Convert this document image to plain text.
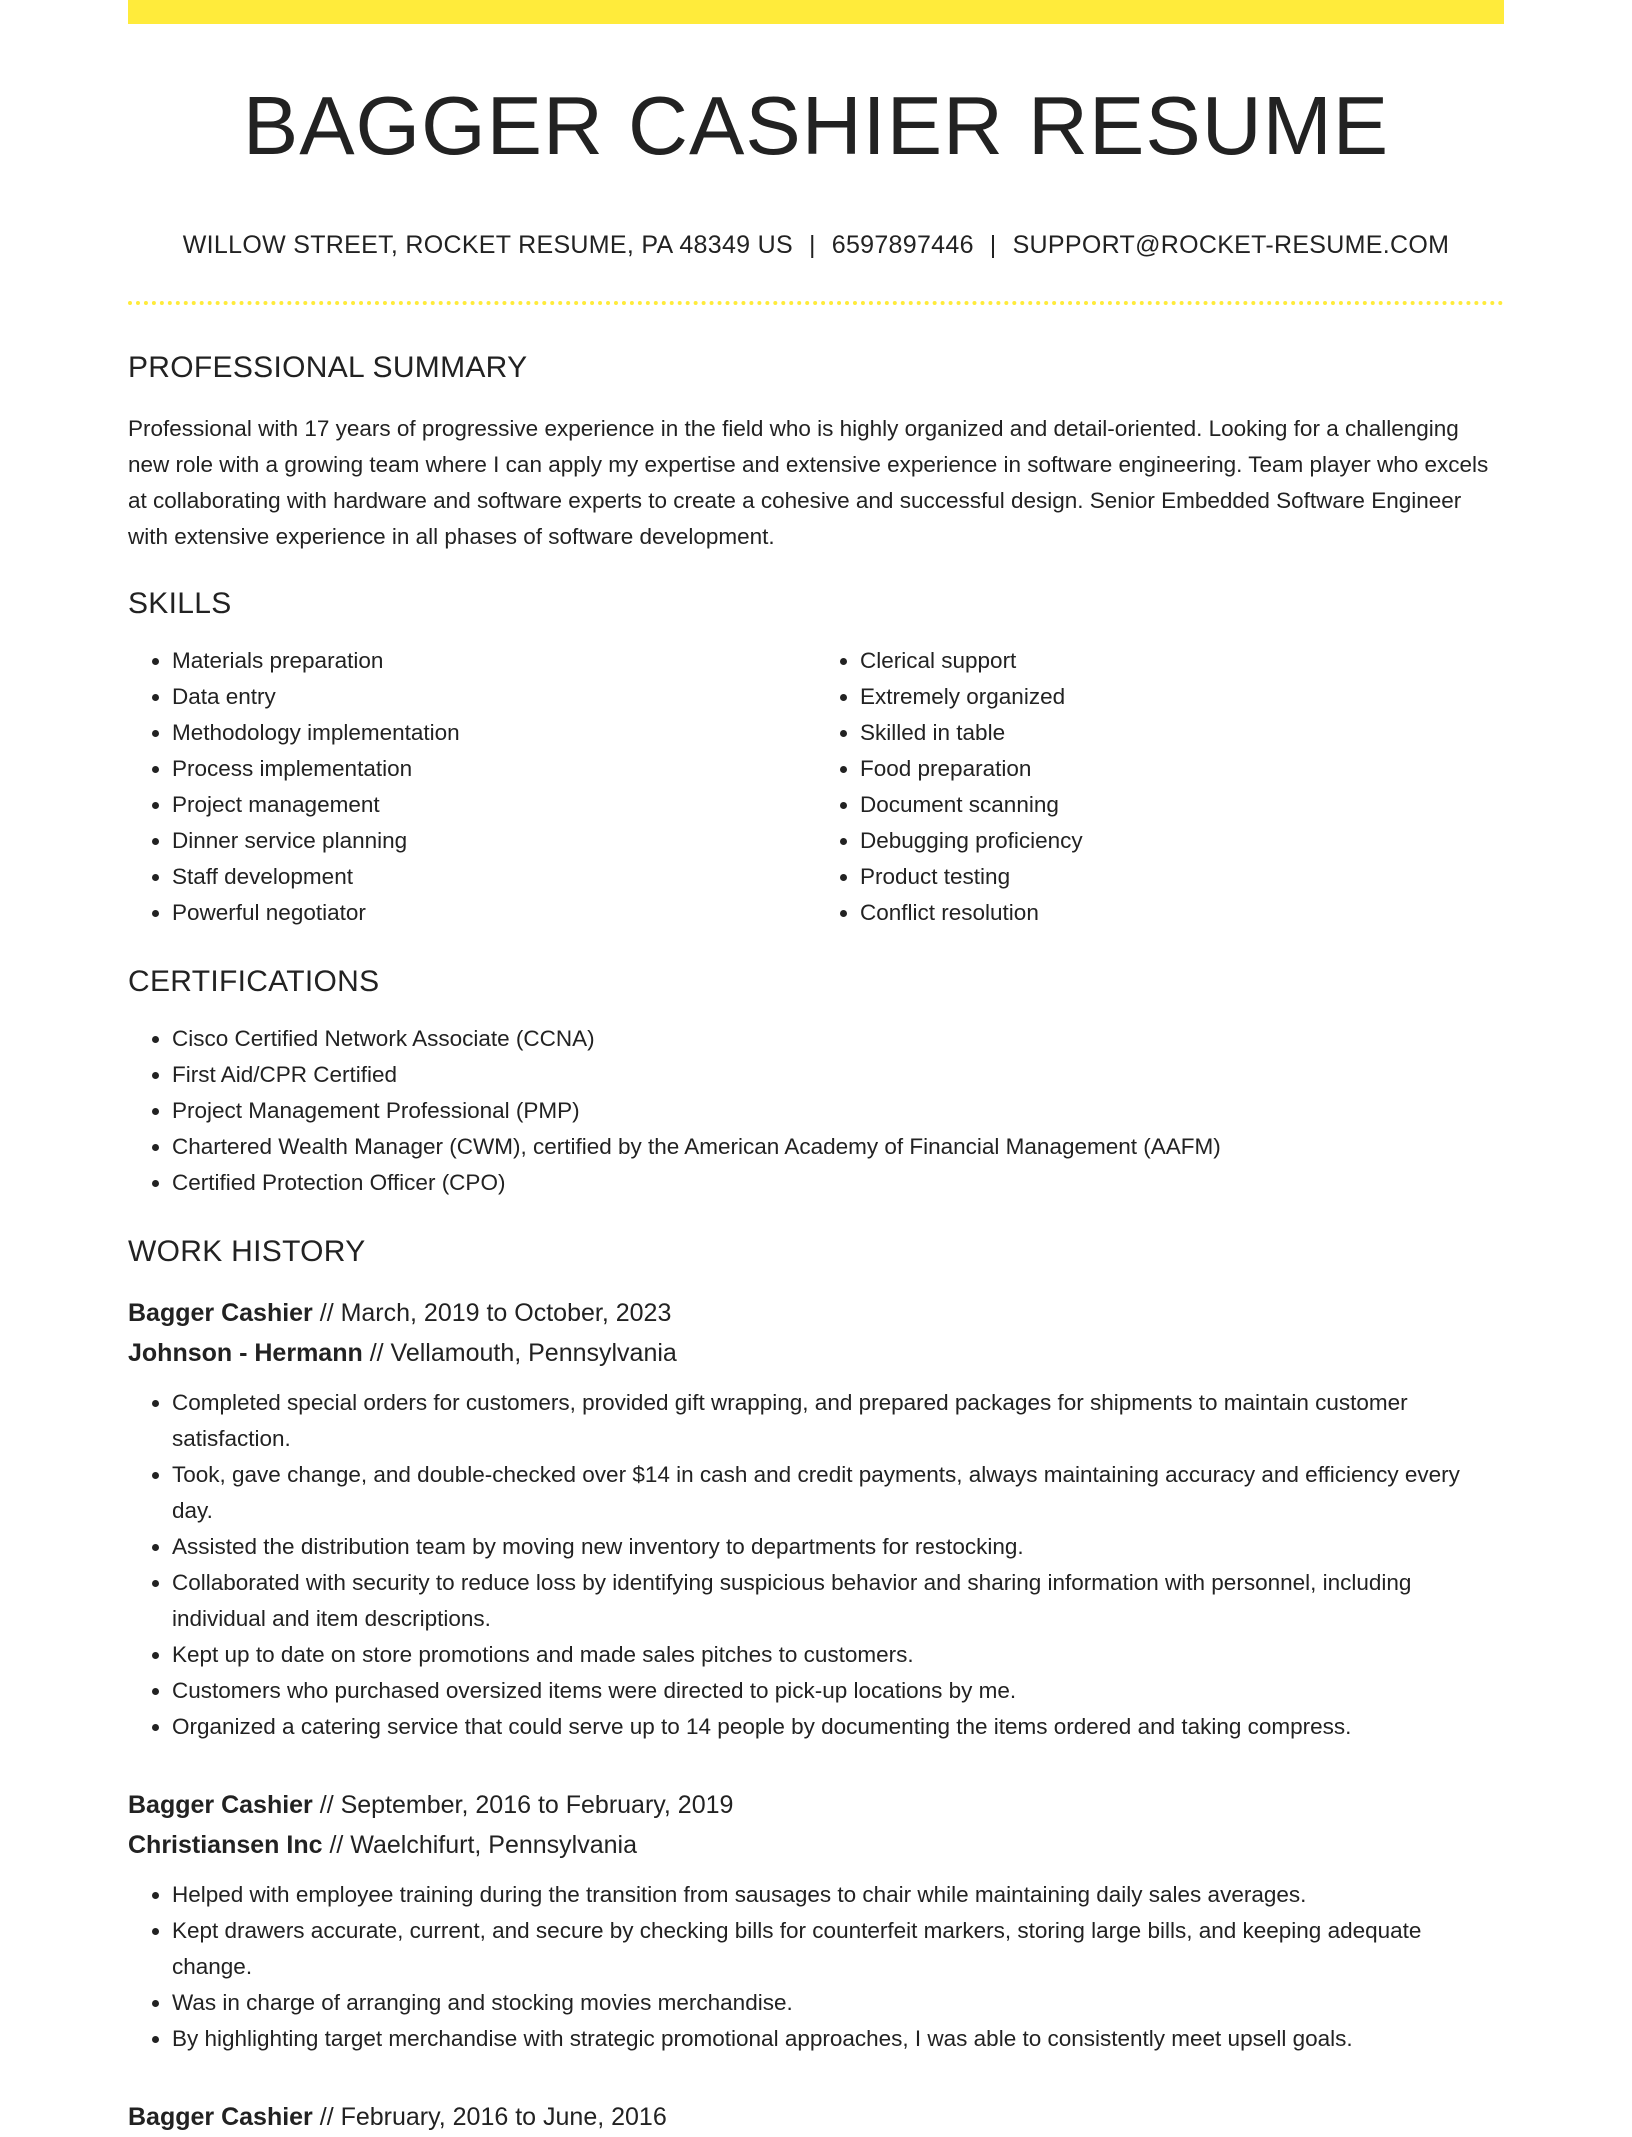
BAGGER CASHIER RESUME
WILLOW STREET, ROCKET RESUME, PA 48349 US | 6597897446 | SUPPORT@ROCKET-RESUME.COM
PROFESSIONAL SUMMARY

Professional with 17 years of progressive experience in the field who is highly organized and detail-oriented. Looking for a challenging new role with a growing team where I can apply my expertise and extensive experience in software engineering. Team player who excels at collaborating with hardware and software experts to create a cohesive and successful design. Senior Embedded Software Engineer with extensive experience in all phases of software development.

SKILLS
• Materials preparation
• Data entry
• Methodology implementation
• Process implementation
• Project management
• Dinner service planning
• Staff development
• Powerful negotiator
• Clerical support
• Extremely organized
• Skilled in table
• Food preparation
• Document scanning
• Debugging proficiency
• Product testing
• Conflict resolution
CERTIFICATIONS
• Cisco Certified Network Associate (CCNA)
• First Aid/CPR Certified
• Project Management Professional (PMP)
• Chartered Wealth Manager (CWM), certified by the American Academy of Financial Management (AAFM)
• Certified Protection Officer (CPO)
WORK HISTORY
Bagger Cashier // March, 2019 to October, 2023
Johnson - Hermann // Vellamouth, Pennsylvania
• Completed special orders for customers, provided gift wrapping, and prepared packages for shipments to maintain customer satisfaction.
• Took, gave change, and double-checked over $14 in cash and credit payments, always maintaining accuracy and efficiency every day.
• Assisted the distribution team by moving new inventory to departments for restocking.
• Collaborated with security to reduce loss by identifying suspicious behavior and sharing information with personnel, including individual and item descriptions.
• Kept up to date on store promotions and made sales pitches to customers.
• Customers who purchased oversized items were directed to pick-up locations by me.
• Organized a catering service that could serve up to 14 people by documenting the items ordered and taking compress.
Bagger Cashier // September, 2016 to February, 2019
Christiansen Inc // Waelchifurt, Pennsylvania
• Helped with employee training during the transition from sausages to chair while maintaining daily sales averages.
• Kept drawers accurate, current, and secure by checking bills for counterfeit markers, storing large bills, and keeping adequate change.
• Was in charge of arranging and stocking movies merchandise.
• By highlighting target merchandise with strategic promotional approaches, I was able to consistently meet upsell goals.
Bagger Cashier // February, 2016 to June, 2016
